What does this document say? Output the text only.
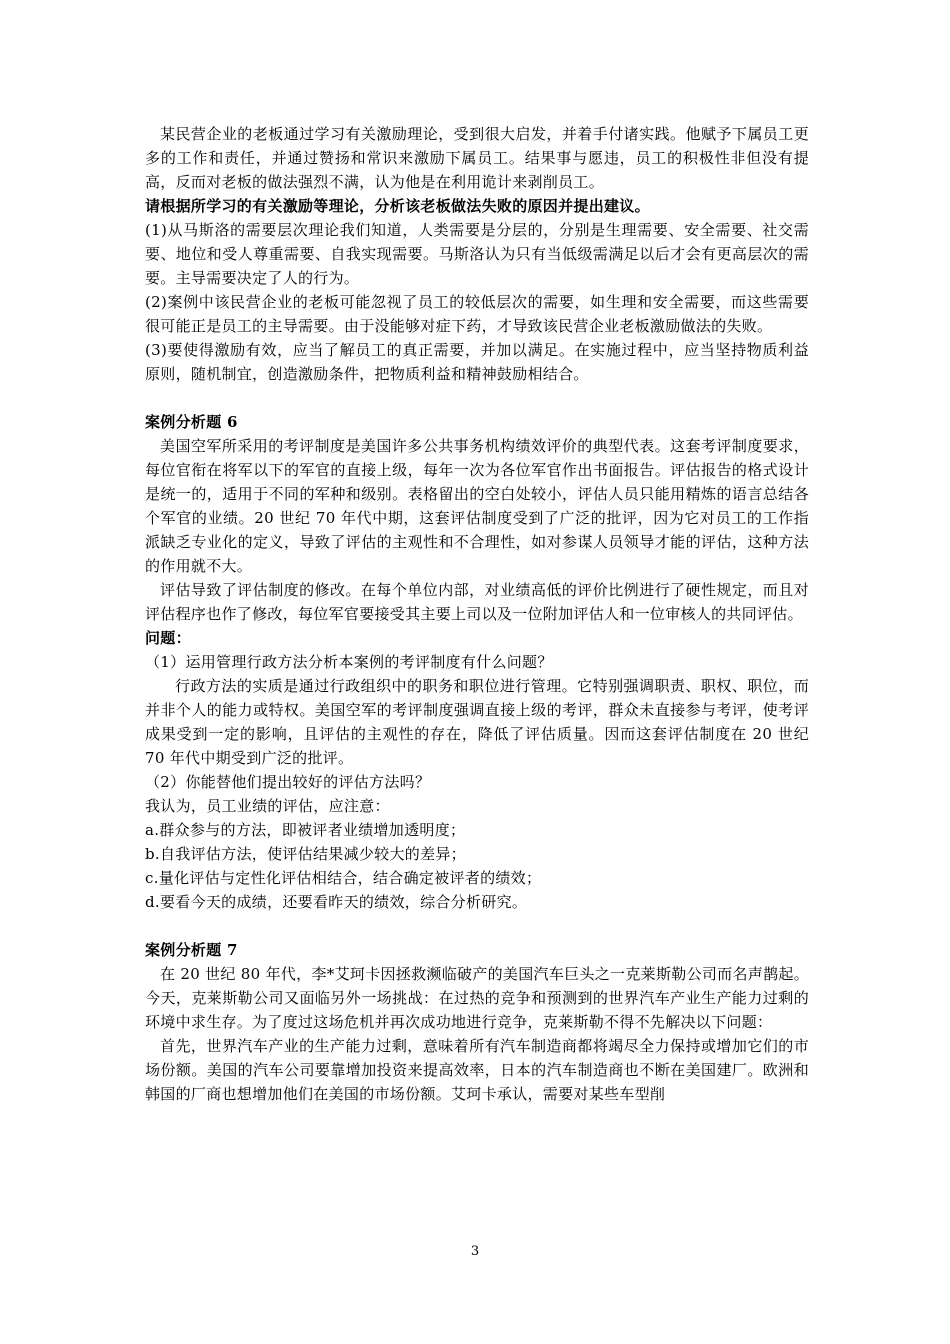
某民营企业的老板通过学习有关激励理论，受到很大启发，并着手付诸实践。他赋予下属员工更多的工作和责任，并通过赞扬和常识来激励下属员工。结果事与愿违，员工的积极性非但没有提高，反而对老板的做法强烈不满，认为他是在利用诡计来剥削员工。

请根据所学习的有关激励等理论，分析该老板做法失败的原因并提出建议。

(1)从马斯洛的需要层次理论我们知道，人类需要是分层的，分别是生理需要、安全需要、社交需要、地位和受人尊重需要、自我实现需要。马斯洛认为只有当低级需满足以后才会有更高层次的需要。主导需要决定了人的行为。

(2)案例中该民营企业的老板可能忽视了员工的较低层次的需要，如生理和安全需要，而这些需要很可能正是员工的主导需要。由于没能够对症下药，才导致该民营企业老板激励做法的失败。

(3)要使得激励有效，应当了解员工的真正需要，并加以满足。在实施过程中，应当坚持物质利益原则，随机制宜，创造激励条件，把物质利益和精神鼓励相结合。

案例分析题 6

美国空军所采用的考评制度是美国许多公共事务机构绩效评价的典型代表。这套考评制度要求，每位官衔在将军以下的军官的直接上级，每年一次为各位军官作出书面报告。评估报告的格式设计是统一的，适用于不同的军种和级别。表格留出的空白处较小，评估人员只能用精炼的语言总结各个军官的业绩。20 世纪 70 年代中期，这套评估制度受到了广泛的批评，因为它对员工的工作指派缺乏专业化的定义，导致了评估的主观性和不合理性，如对参谋人员领导才能的评估，这种方法的作用就不大。

评估导致了评估制度的修改。在每个单位内部，对业绩高低的评价比例进行了硬性规定，而且对评估程序也作了修改，每位军官要接受其主要上司以及一位附加评估人和一位审核人的共同评估。

问题：

（1）运用管理行政方法分析本案例的考评制度有什么问题？

行政方法的实质是通过行政组织中的职务和职位进行管理。它特别强调职责、职权、职位，而并非个人的能力或特权。美国空军的考评制度强调直接上级的考评，群众未直接参与考评，使考评成果受到一定的影响，且评估的主观性的存在，降低了评估质量。因而这套评估制度在 20 世纪 70 年代中期受到广泛的批评。

（2）你能替他们提出较好的评估方法吗？

我认为，员工业绩的评估，应注意：

a.群众参与的方法，即被评者业绩增加透明度；

b.自我评估方法，使评估结果减少较大的差异；

c.量化评估与定性化评估相结合，结合确定被评者的绩效；

d.要看今天的成绩，还要看昨天的绩效，综合分析研究。

案例分析题 7

在 20 世纪 80 年代，李*艾珂卡因拯救濒临破产的美国汽车巨头之一克莱斯勒公司而名声鹊起。今天，克莱斯勒公司又面临另外一场挑战：在过热的竞争和预测到的世界汽车产业生产能力过剩的环境中求生存。为了度过这场危机并再次成功地进行竞争，克莱斯勒不得不先解决以下问题：

首先，世界汽车产业的生产能力过剩，意味着所有汽车制造商都将竭尽全力保持或增加它们的市场份额。美国的汽车公司要靠增加投资来提高效率，日本的汽车制造商也不断在美国建厂。欧洲和韩国的厂商也想增加他们在美国的市场份额。艾珂卡承认，需要对某些车型削

3
